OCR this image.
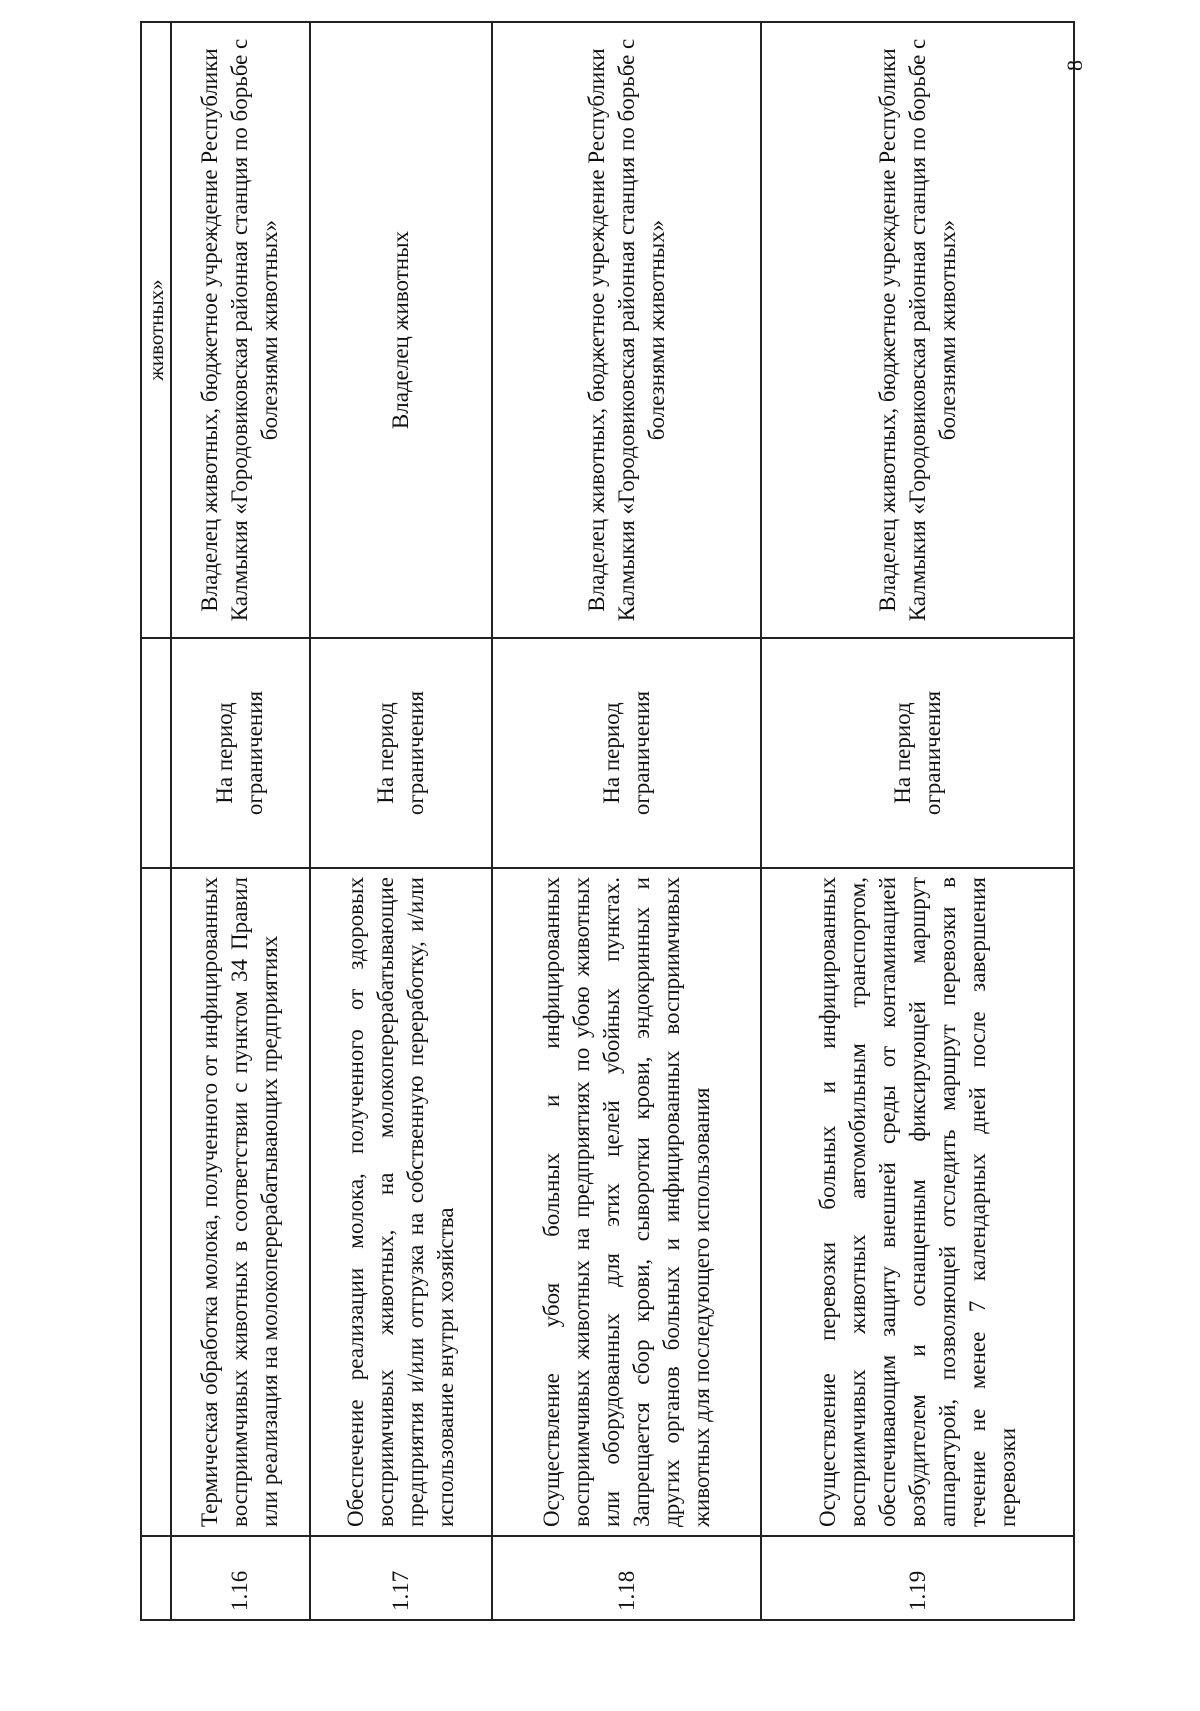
			животных»
1.16	Термическая обработка молока, полученного от инфицированных восприимчивых животных в соответствии с пунктом 34 Правил или реализация на молокоперерабатывающих предприятиях	На период ограничения	Владелец животных, бюджетное учреждение Республики Калмыкия «Городовиковская районная станция по борьбе с болезнями животных»
1.17	Обеспечение реализации молока, полученного от здоровых восприимчивых животных, на молокоперерабатывающие предприятия и/или отгрузка на собственную переработку, и/или использование внутри хозяйства	На период ограничения	Владелец животных
1.18	Осуществление убоя больных и инфицированных восприимчивых животных на предприятиях по убою животных или оборудованных для этих целей убойных пунктах. Запрещается сбор крови, сыворотки крови, эндокринных и других органов больных и инфицированных восприимчивых животных для последующего использования	На период ограничения	Владелец животных, бюджетное учреждение Республики Калмыкия «Городовиковская районная станция по борьбе с болезнями животных»
1.19	Осуществление перевозки больных и инфицированных восприимчивых животных автомобильным транспортом, обеспечивающим защиту внешней среды от контаминацией возбудителем и оснащенным фиксирующей маршрут аппаратурой, позволяющей отследить маршрут перевозки в течение не менее 7 календарных дней после завершения перевозки	На период ограничения	Владелец животных, бюджетное учреждение Республики Калмыкия «Городовиковская районная станция по борьбе с болезнями животных»
8
